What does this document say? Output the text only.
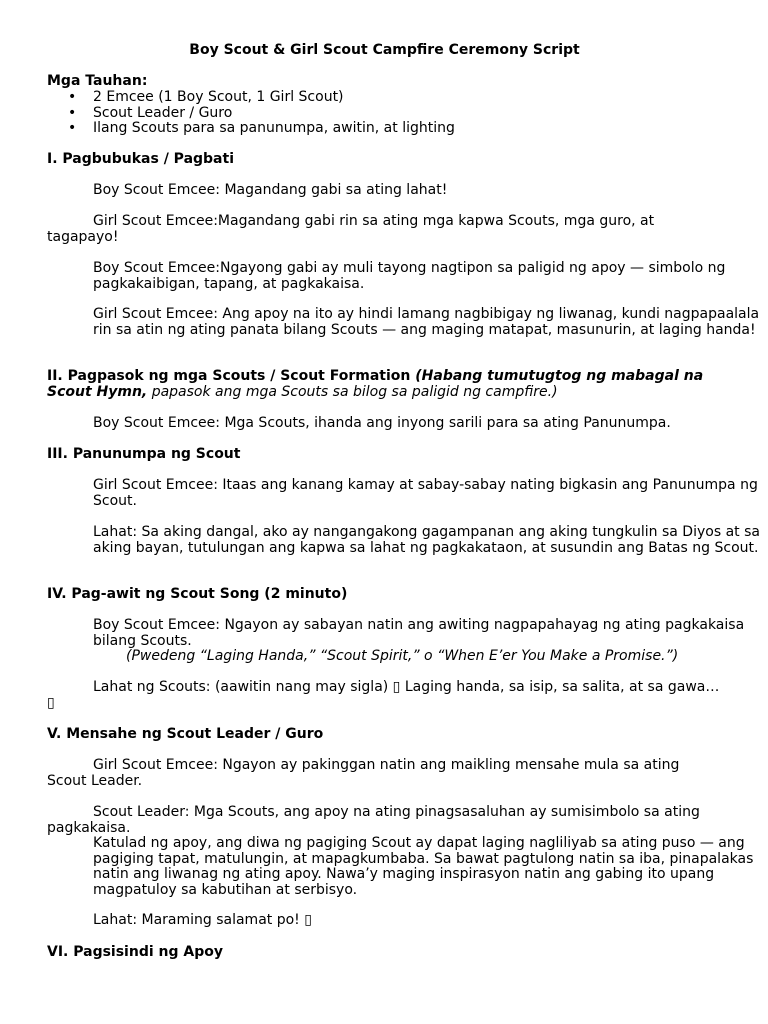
Boy Scout & Girl Scout Campfire Ceremony Script
Mga Tauhan:
• 2 Emcee (1 Boy Scout, 1 Girl Scout)
• Scout Leader / Guro
• Ilang Scouts para sa panunumpa, awitin, at lighting
I. Pagbubukas / Pagbati

Boy Scout Emcee: Magandang gabi sa ating lahat!

Girl Scout Emcee:Magandang gabi rin sa ating mga kapwa Scouts, mga guro, at tagapayo!

Boy Scout Emcee:Ngayong gabi ay muli tayong nagtipon sa paligid ng apoy — simbolo ng pagkakaibigan, tapang, at pagkakaisa.

Girl Scout Emcee: Ang apoy na ito ay hindi lamang nagbibigay ng liwanag, kundi nagpapaalala rin sa atin ng ating panata bilang Scouts — ang maging matapat, masunurin, at laging handa!

II. Pagpasok ng mga Scouts / Scout Formation (Habang tumutugtog ng mabagal na Scout Hymn, papasok ang mga Scouts sa bilog sa paligid ng campfire.)

Boy Scout Emcee: Mga Scouts, ihanda ang inyong sarili para sa ating Panunumpa.

III. Panunumpa ng Scout

Girl Scout Emcee: Itaas ang kanang kamay at sabay-sabay nating bigkasin ang Panunumpa ng Scout.

Lahat: Sa aking dangal, ako ay nangangakong gagampanan ang aking tungkulin sa Diyos at sa aking bayan, tutulungan ang kapwa sa lahat ng pagkakataon, at susundin ang Batas ng Scout.

IV. Pag-awit ng Scout Song (2 minuto)

Boy Scout Emcee: Ngayon ay sabayan natin ang awiting nagpapahayag ng ating pagkakaisa bilang Scouts.

(Pwedeng “Laging Handa,” “Scout Spirit,” o “When E’er You Make a Promise.”)

Lahat ng Scouts: (aawitin nang may sigla) ▯ Laging handa, sa isip, sa salita, at sa gawa… ▯

V. Mensahe ng Scout Leader / Guro

Girl Scout Emcee: Ngayon ay pakinggan natin ang maikling mensahe mula sa ating Scout Leader.

Scout Leader: Mga Scouts, ang apoy na ating pinagsasaluhan ay sumisimbolo sa ating pagkakaisa.

Katulad ng apoy, ang diwa ng pagiging Scout ay dapat laging nagliliyab sa ating puso — ang pagiging tapat, matulungin, at mapagkumbaba. Sa bawat pagtulong natin sa iba, pinapalakas natin ang liwanag ng ating apoy. Nawa’y maging inspirasyon natin ang gabing ito upang magpatuloy sa kabutihan at serbisyo.

Lahat: Maraming salamat po! ▯

VI. Pagsisindi ng Apoy
